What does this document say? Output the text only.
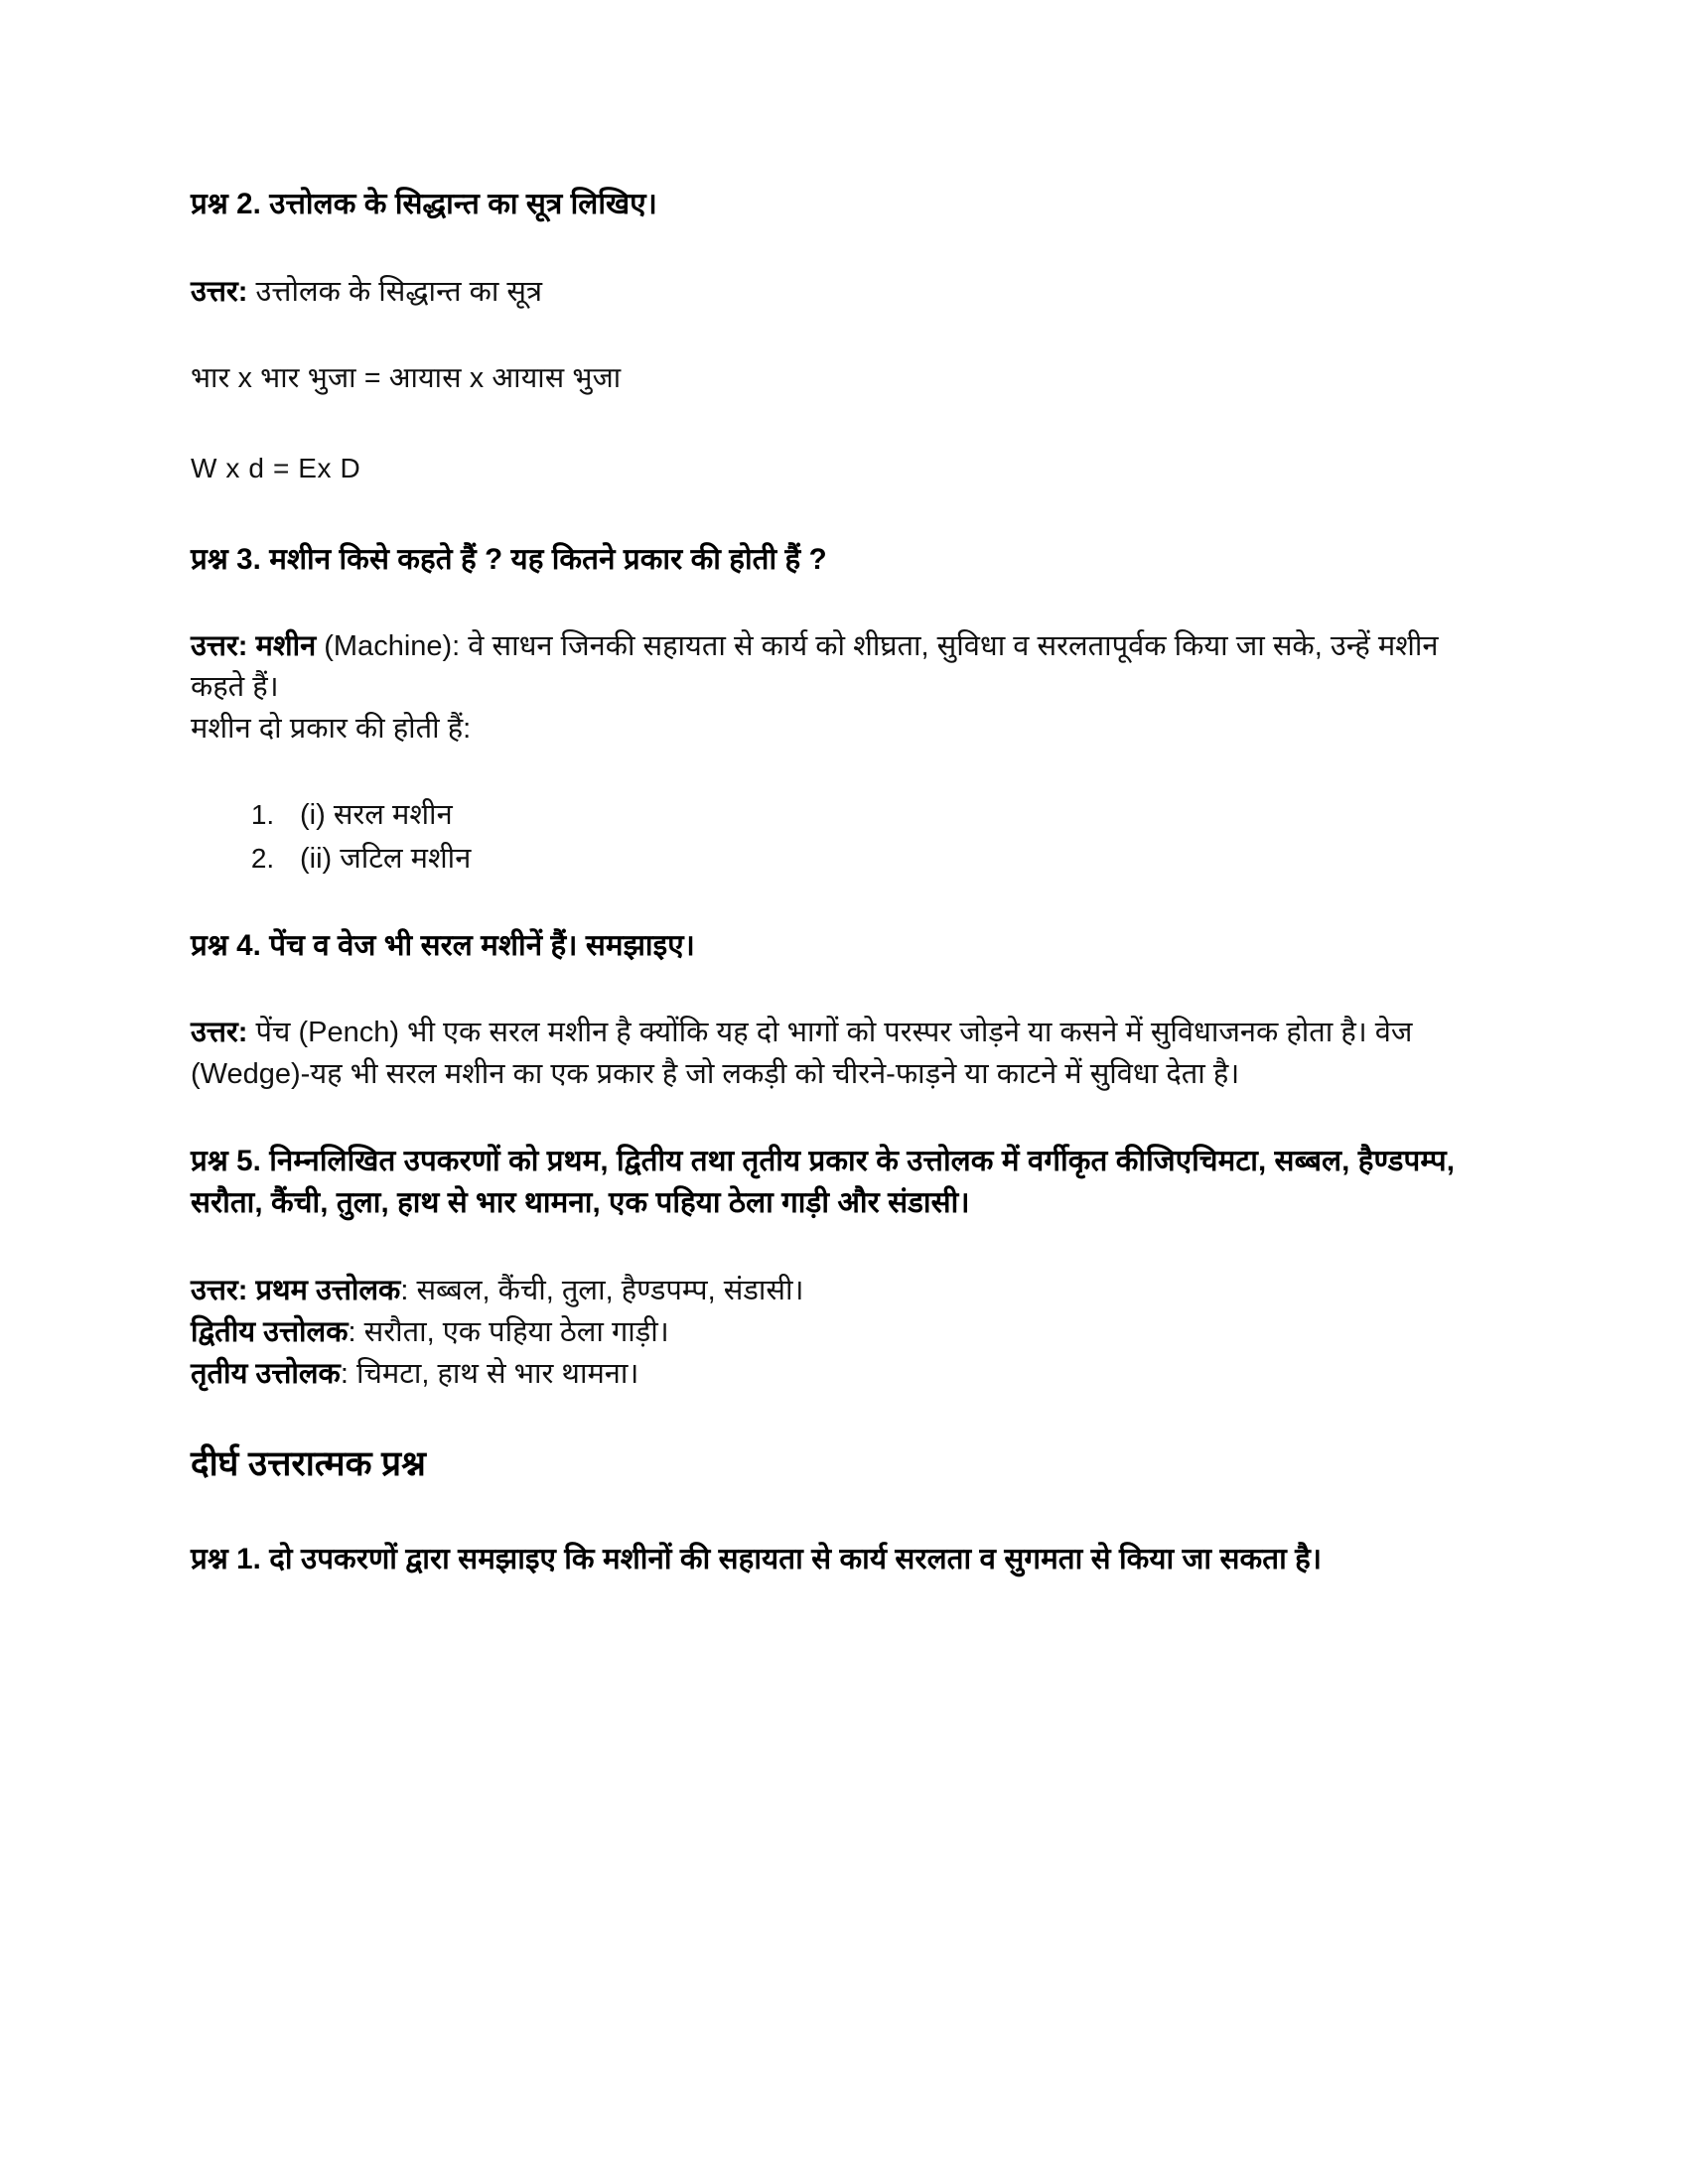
प्रश्न 2. उत्तोलक के सिद्धान्त का सूत्र लिखिए।

उत्तर: उत्तोलक के सिद्धान्त का सूत्र

भार x भार भुजा = आयास x आयास भुजा

W x d = Ex D

प्रश्न 3. मशीन किसे कहते हैं ? यह कितने प्रकार की होती हैं ?

उत्तर: मशीन (Machine): वे साधन जिनकी सहायता से कार्य को शीघ्रता, सुविधा व सरलतापूर्वक किया जा सके, उन्हें मशीन कहते हैं।
मशीन दो प्रकार की होती हैं:

1. (i) सरल मशीन
2. (ii) जटिल मशीन
प्रश्न 4. पेंच व वेज भी सरल मशीनें हैं। समझाइए।

उत्तर: पेंच (Pench) भी एक सरल मशीन है क्योंकि यह दो भागों को परस्पर जोड़ने या कसने में सुविधाजनक होता है। वेज (Wedge)-यह भी सरल मशीन का एक प्रकार है जो लकड़ी को चीरने-फाड़ने या काटने में सुविधा देता है।

प्रश्न 5. निम्नलिखित उपकरणों को प्रथम, द्वितीय तथा तृतीय प्रकार के उत्तोलक में वर्गीकृत कीजिएचिमटा, सब्बल, हैण्डपम्प, सरौता, कैंची, तुला, हाथ से भार थामना, एक पहिया ठेला गाड़ी और संडासी।
उत्तर: प्रथम उत्तोलक: सब्बल, कैंची, तुला, हैण्डपम्प, संडासी।
द्वितीय उत्तोलक: सरौता, एक पहिया ठेला गाड़ी।
तृतीय उत्तोलक: चिमटा, हाथ से भार थामना।
दीर्घ उत्तरात्मक प्रश्न
प्रश्न 1. दो उपकरणों द्वारा समझाइए कि मशीनों की सहायता से कार्य सरलता व सुगमता से किया जा सकता है।
